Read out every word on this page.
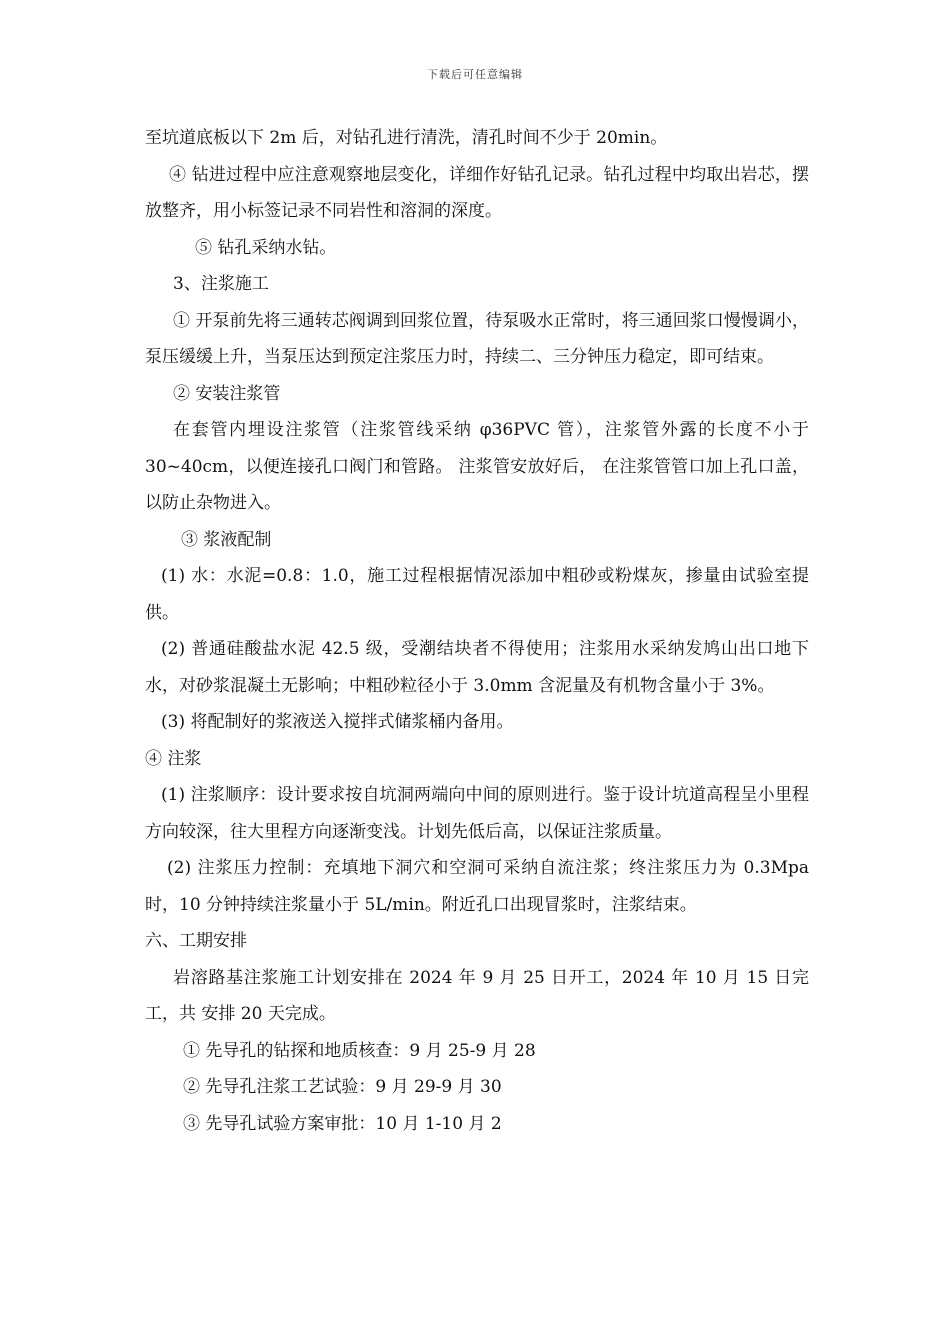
下载后可任意编辑

至坑道底板以下 2m 后，对钻孔进行清洗，清孔时间不少于 20min。

④ 钻进过程中应注意观察地层变化，详细作好钻孔记录。钻孔过程中均取出岩芯，摆放整齐，用小标签记录不同岩性和溶洞的深度。

⑤ 钻孔采纳水钻。

3、注浆施工

① 开泵前先将三通转芯阀调到回浆位置，待泵吸水正常时，将三通回浆口慢慢调小，泵压缓缓上升，当泵压达到预定注浆压力时，持续二、三分钟压力稳定，即可结束。

② 安装注浆管

在套管内埋设注浆管（注浆管线采纳 φ36PVC 管），注浆管外露的长度不小于 30~40cm，以便连接孔口阀门和管路。 注浆管安放好后， 在注浆管管口加上孔口盖， 以防止杂物进入。

③ 浆液配制

(1) 水：水泥=0.8：1.0，施工过程根据情况添加中粗砂或粉煤灰，掺量由试验室提供。

(2) 普通硅酸盐水泥 42.5 级，受潮结块者不得使用；注浆用水采纳发鸠山出口地下水，对砂浆混凝土无影响；中粗砂粒径小于 3.0mm 含泥量及有机物含量小于 3%。

(3) 将配制好的浆液送入搅拌式储浆桶内备用。

④ 注浆

(1) 注浆顺序：设计要求按自坑洞两端向中间的原则进行。鉴于设计坑道高程呈小里程方向较深，往大里程方向逐渐变浅。计划先低后高，以保证注浆质量。

(2) 注浆压力控制：充填地下洞穴和空洞可采纳自流注浆；终注浆压力为 0.3Mpa 时，10 分钟持续注浆量小于 5L/min。附近孔口出现冒浆时，注浆结束。

六、工期安排

岩溶路基注浆施工计划安排在 2024 年 9 月 25 日开工，2024 年 10 月 15 日完工，共 安排 20 天完成。

① 先导孔的钻探和地质核查：9 月 25-9 月 28

② 先导孔注浆工艺试验：9 月 29-9 月 30

③ 先导孔试验方案审批：10 月 1-10 月 2
